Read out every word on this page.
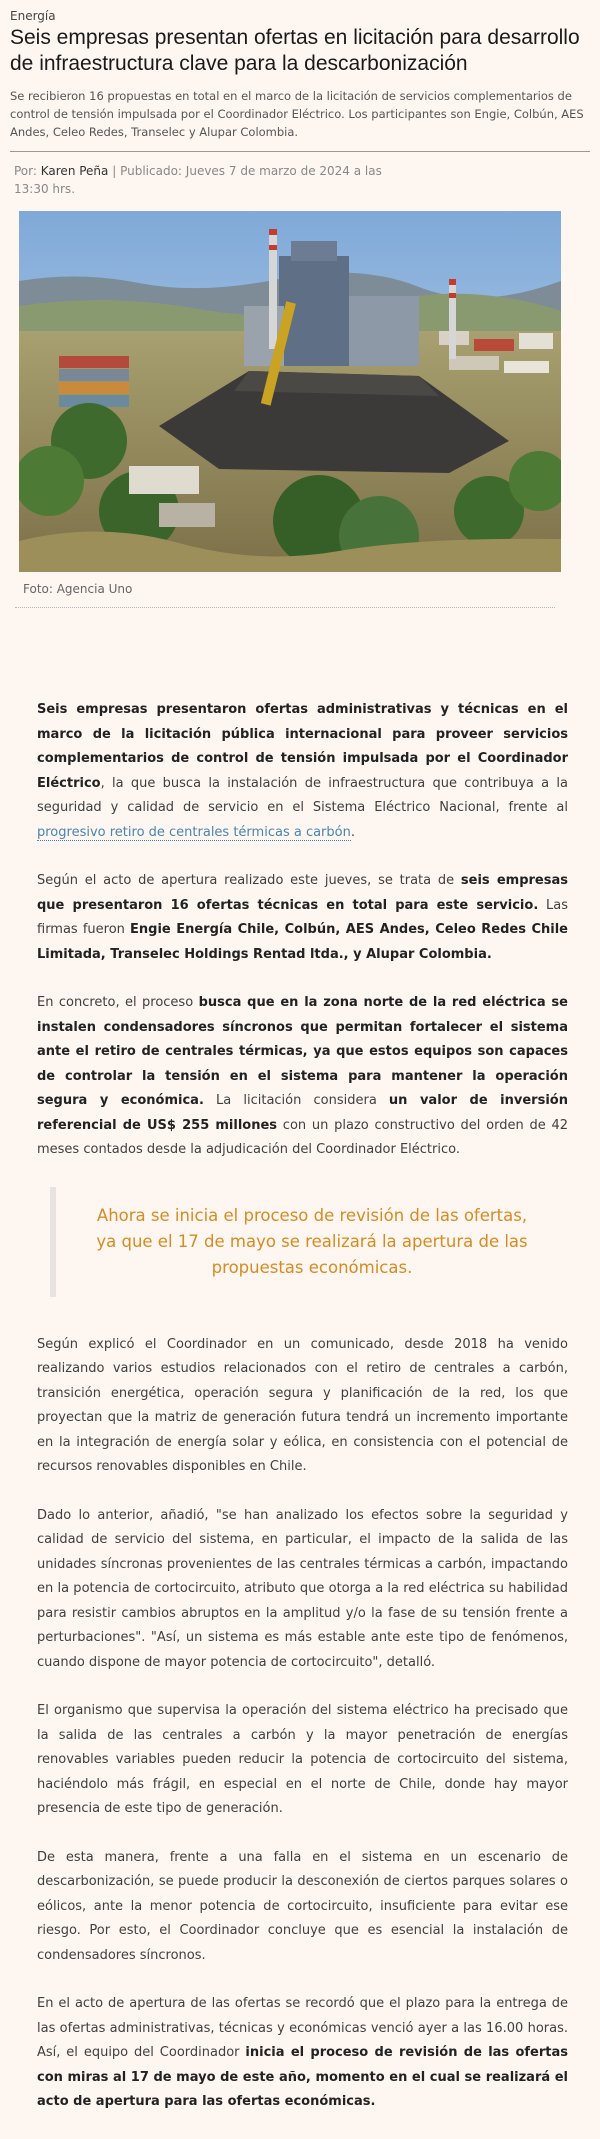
Energía
Seis empresas presentan ofertas en licitación para desarrollo de infraestructura clave para la descarbonización

Se recibieron 16 propuestas en total en el marco de la licitación de servicios complementarios de control de tensión impulsada por el Coordinador Eléctrico. Los participantes son Engie, Colbún, AES Andes, Celeo Redes, Transelec y Alupar Colombia.

Por: Karen Peña | Publicado: Jueves 7 de marzo de 2024 a las 13:30 hrs.
Foto: Agencia Uno

Seis empresas presentaron ofertas administrativas y técnicas en el marco de la licitación pública internacional para proveer servicios complementarios de control de tensión impulsada por el Coordinador Eléctrico, la que busca la instalación de infraestructura que contribuya a la seguridad y calidad de servicio en el Sistema Eléctrico Nacional, frente al progresivo retiro de centrales térmicas a carbón.

Según el acto de apertura realizado este jueves, se trata de seis empresas que presentaron 16 ofertas técnicas en total para este servicio. Las firmas fueron Engie Energía Chile, Colbún, AES Andes, Celeo Redes Chile Limitada, Transelec Holdings Rentad ltda., y Alupar Colombia.

En concreto, el proceso busca que en la zona norte de la red eléctrica se instalen condensadores síncronos que permitan fortalecer el sistema ante el retiro de centrales térmicas, ya que estos equipos son capaces de controlar la tensión en el sistema para mantener la operación segura y económica. La licitación considera un valor de inversión referencial de US$ 255 millones con un plazo constructivo del orden de 42 meses contados desde la adjudicación del Coordinador Eléctrico.

Ahora se inicia el proceso de revisión de las ofertas, ya que el 17 de mayo se realizará la apertura de las propuestas económicas.

Según explicó el Coordinador en un comunicado, desde 2018 ha venido realizando varios estudios relacionados con el retiro de centrales a carbón, transición energética, operación segura y planificación de la red, los que proyectan que la matriz de generación futura tendrá un incremento importante en la integración de energía solar y eólica, en consistencia con el potencial de recursos renovables disponibles en Chile.

Dado lo anterior, añadió, "se han analizado los efectos sobre la seguridad y calidad de servicio del sistema, en particular, el impacto de la salida de las unidades síncronas provenientes de las centrales térmicas a carbón, impactando en la potencia de cortocircuito, atributo que otorga a la red eléctrica su habilidad para resistir cambios abruptos en la amplitud y/o la fase de su tensión frente a perturbaciones". "Así, un sistema es más estable ante este tipo de fenómenos, cuando dispone de mayor potencia de cortocircuito", detalló.

El organismo que supervisa la operación del sistema eléctrico ha precisado que la salida de las centrales a carbón y la mayor penetración de energías renovables variables pueden reducir la potencia de cortocircuito del sistema, haciéndolo más frágil, en especial en el norte de Chile, donde hay mayor presencia de este tipo de generación.

De esta manera, frente a una falla en el sistema en un escenario de descarbonización, se puede producir la desconexión de ciertos parques solares o eólicos, ante la menor potencia de cortocircuito, insuficiente para evitar ese riesgo. Por esto, el Coordinador concluye que es esencial la instalación de condensadores síncronos.

En el acto de apertura de las ofertas se recordó que el plazo para la entrega de las ofertas administrativas, técnicas y económicas venció ayer a las 16.00 horas. Así, el equipo del Coordinador inicia el proceso de revisión de las ofertas con miras al 17 de mayo de este año, momento en el cual se realizará el acto de apertura para las ofertas económicas.
